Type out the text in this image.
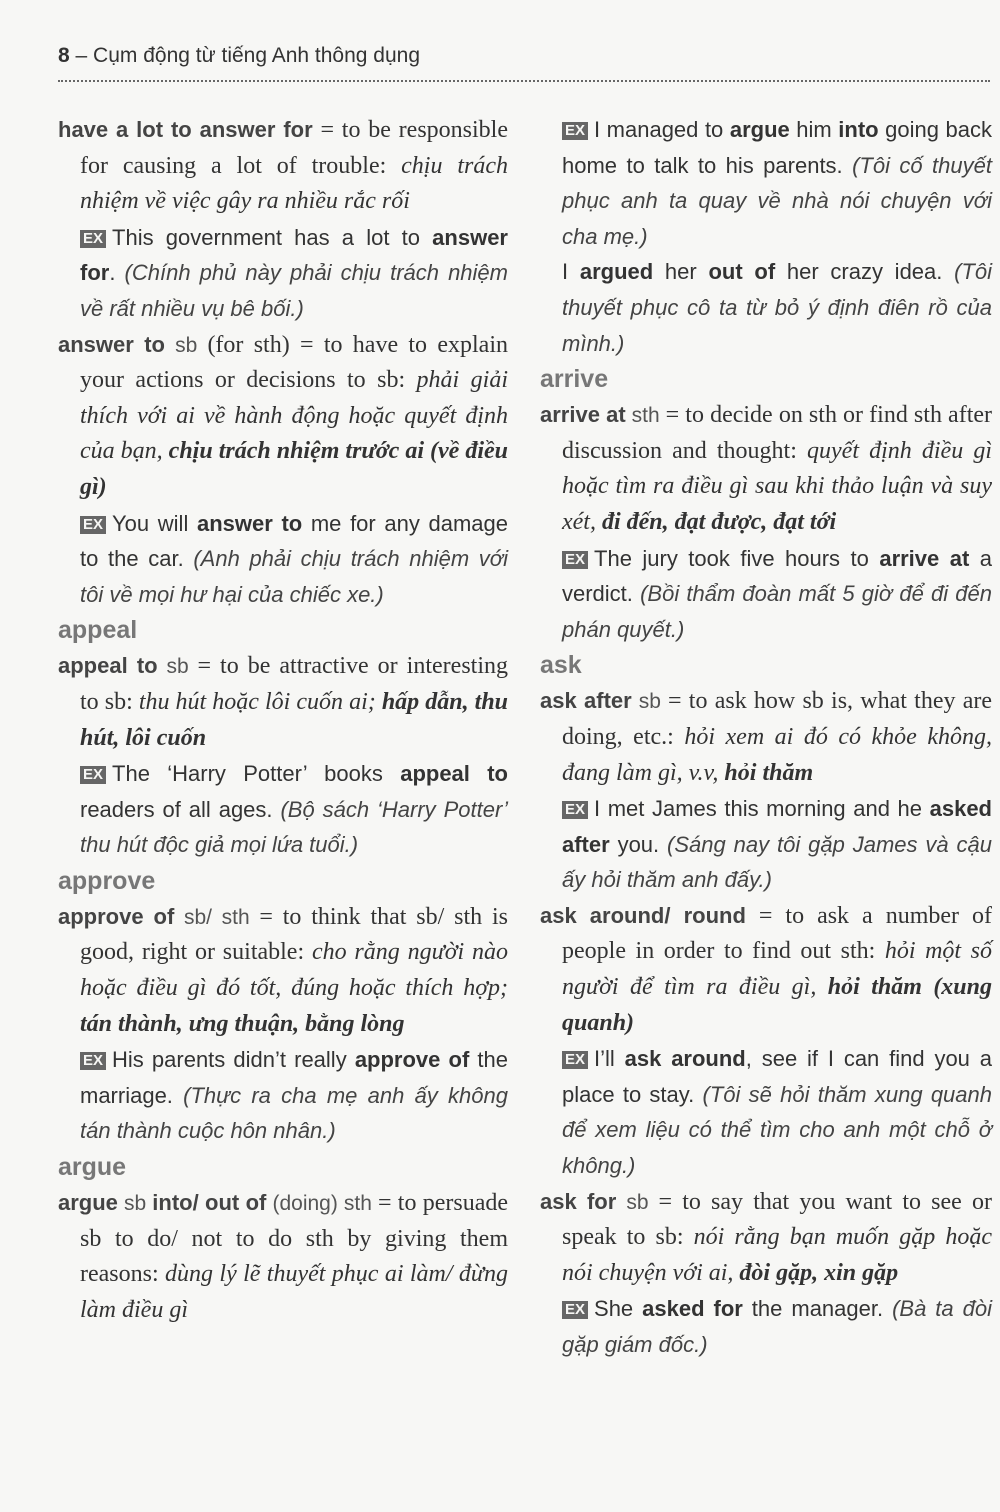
8 – Cụm động từ tiếng Anh thông dụng

have a lot to answer for = to be responsible for causing a lot of trouble: chịu trách nhiệm về việc gây ra nhiều rắc rối

EX This government has a lot to answer for. (Chính phủ này phải chịu trách nhiệm về rất nhiều vụ bê bối.)

answer to sb (for sth) = to have to explain your actions or decisions to sb: phải giải thích với ai về hành động hoặc quyết định của bạn, chịu trách nhiệm trước ai (về điều gì)

EX You will answer to me for any damage to the car. (Anh phải chịu trách nhiệm với tôi về mọi hư hại của chiếc xe.)

appeal

appeal to sb = to be attractive or interesting to sb: thu hút hoặc lôi cuốn ai; hấp dẫn, thu hút, lôi cuốn

EX The ‘Harry Potter’ books appeal to readers of all ages. (Bộ sách ‘Harry Potter’ thu hút độc giả mọi lứa tuổi.)

approve

approve of sb/ sth = to think that sb/ sth is good, right or suitable: cho rằng người nào hoặc điều gì đó tốt, đúng hoặc thích hợp; tán thành, ưng thuận, bằng lòng

EX His parents didn’t really approve of the marriage. (Thực ra cha mẹ anh ấy không tán thành cuộc hôn nhân.)

argue

argue sb into/ out of (doing) sth = to persuade sb to do/ not to do sth by giving them reasons: dùng lý lẽ thuyết phục ai làm/ đừng làm điều gì

EX I managed to argue him into going back home to talk to his parents. (Tôi cố thuyết phục anh ta quay về nhà nói chuyện với cha mẹ.)

I argued her out of her crazy idea. (Tôi thuyết phục cô ta từ bỏ ý định điên rồ của mình.)

arrive

arrive at sth = to decide on sth or find sth after discussion and thought: quyết định điều gì hoặc tìm ra điều gì sau khi thảo luận và suy xét, đi đến, đạt được, đạt tới

EX The jury took five hours to arrive at a verdict. (Bồi thẩm đoàn mất 5 giờ để đi đến phán quyết.)

ask

ask after sb = to ask how sb is, what they are doing, etc.: hỏi xem ai đó có khỏe không, đang làm gì, v.v, hỏi thăm

EX I met James this morning and he asked after you. (Sáng nay tôi gặp James và cậu ấy hỏi thăm anh đấy.)

ask around/ round = to ask a number of people in order to find out sth: hỏi một số người để tìm ra điều gì, hỏi thăm (xung quanh)

EX I’ll ask around, see if I can find you a place to stay. (Tôi sẽ hỏi thăm xung quanh để xem liệu có thể tìm cho anh một chỗ ở không.)

ask for sb = to say that you want to see or speak to sb: nói rằng bạn muốn gặp hoặc nói chuyện với ai, đòi gặp, xin gặp

EX She asked for the manager. (Bà ta đòi gặp giám đốc.)
